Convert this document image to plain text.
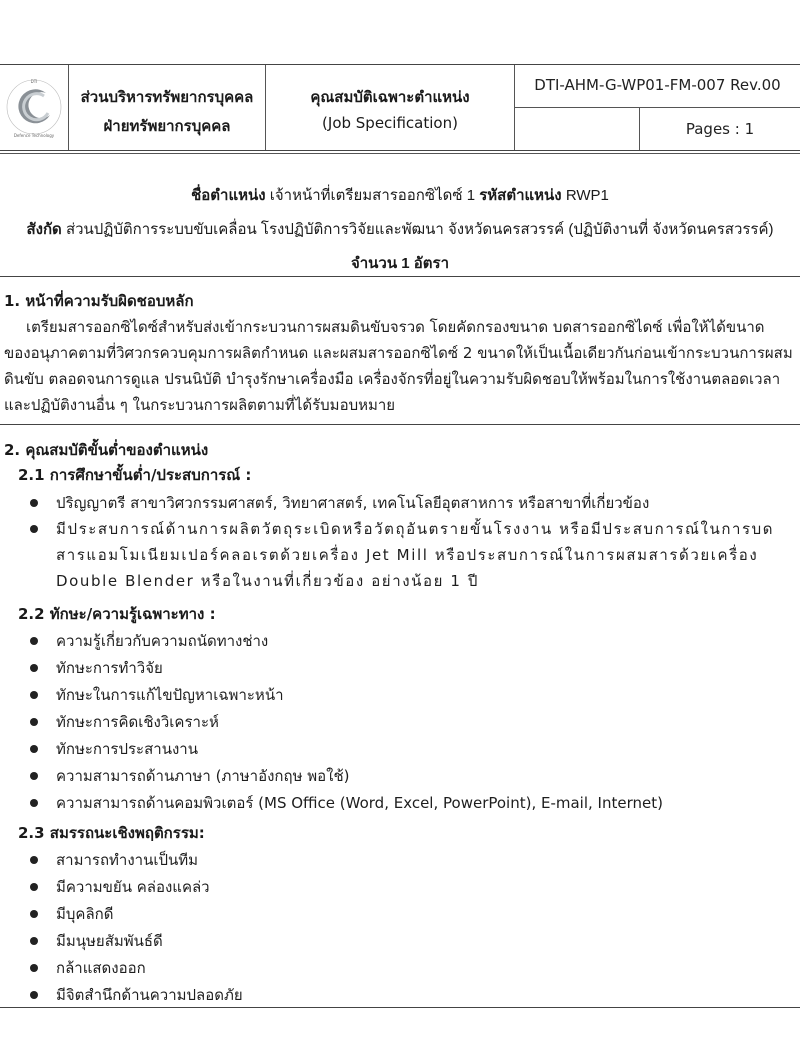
DTI
Defence Technology
ส่วนบริหารทรัพยากรบุคคล
ฝ่ายทรัพยากรบุคคล
คุณสมบัติเฉพาะตำแหน่ง
(Job Specification)
DTI-AHM-G-WP01-FM-007 Rev.00
Pages : 1
ชื่อตำแหน่ง เจ้าหน้าที่เตรียมสารออกซิไดซ์ 1 รหัสตำแหน่ง RWP1
สังกัด ส่วนปฏิบัติการระบบขับเคลื่อน โรงปฏิบัติการวิจัยและพัฒนา จังหวัดนครสวรรค์ (ปฏิบัติงานที่ จังหวัดนครสวรรค์)
จำนวน 1 อัตรา
1. หน้าที่ความรับผิดชอบหลัก
เตรียมสารออกซิไดซ์สำหรับส่งเข้ากระบวนการผสมดินขับจรวด โดยคัดกรองขนาด บดสารออกซิไดซ์ เพื่อให้ได้ขนาด
ของอนุภาคตามที่วิศวกรควบคุมการผลิตกำหนด และผสมสารออกซิไดซ์ 2 ขนาดให้เป็นเนื้อเดียวกันก่อนเข้ากระบวนการผสม
ดินขับ ตลอดจนการดูแล ปรนนิบัติ บำรุงรักษาเครื่องมือ เครื่องจักรที่อยู่ในความรับผิดชอบให้พร้อมในการใช้งานตลอดเวลา
และปฏิบัติงานอื่น ๆ ในกระบวนการผลิตตามที่ได้รับมอบหมาย
2. คุณสมบัติขั้นต่ำของตำแหน่ง
2.1 การศึกษาขั้นต่ำ/ประสบการณ์ :
ปริญญาตรี สาขาวิศวกรรมศาสตร์, วิทยาศาสตร์, เทคโนโลยีอุตสาหการ หรือสาขาที่เกี่ยวข้อง
มีประสบการณ์ด้านการผลิตวัตถุระเบิดหรือวัตถุอันตรายขั้นโรงงาน หรือมีประสบการณ์ในการบด
สารแอมโมเนียมเปอร์คลอเรตด้วยเครื่อง Jet Mill หรือประสบการณ์ในการผสมสารด้วยเครื่อง
Double Blender หรือในงานที่เกี่ยวข้อง อย่างน้อย 1 ปี
2.2 ทักษะ/ความรู้เฉพาะทาง :
ความรู้เกี่ยวกับความถนัดทางช่าง
ทักษะการทำวิจัย
ทักษะในการแก้ไขปัญหาเฉพาะหน้า
ทักษะการคิดเชิงวิเคราะห์
ทักษะการประสานงาน
ความสามารถด้านภาษา (ภาษาอังกฤษ พอใช้)
ความสามารถด้านคอมพิวเตอร์ (MS Office (Word, Excel, PowerPoint), E-mail, Internet)
2.3 สมรรถนะเชิงพฤติกรรม:
สามารถทำงานเป็นทีม
มีความขยัน คล่องแคล่ว
มีบุคลิกดี
มีมนุษยสัมพันธ์ดี
กล้าแสดงออก
มีจิตสำนึกด้านความปลอดภัย
